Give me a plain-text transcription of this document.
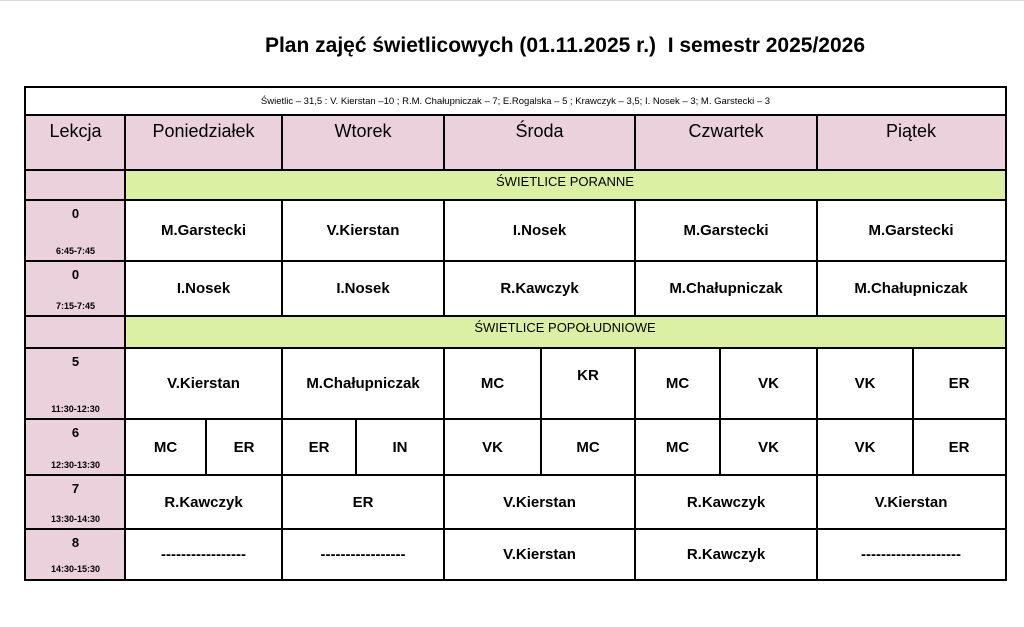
Plan zajęć świetlicowych (01.11.2025 r.)  I semestr 2025/2026
Świetlic – 31,5 : V. Kierstan –10 ; R.M. Chałupniczak – 7; E.Rogalska – 5 ; Krawczyk – 3,5; I. Nosek – 3; M. Garstecki – 3
Lekcja	Poniedziałek	Wtorek	Środa	Czwartek	Piątek
ŚWIETLICE PORANNE
0
6:45-7:45
M.Garstecki	V.Kierstan	I.Nosek	M.Garstecki	M.Garstecki
0
7:15-7:45
I.Nosek	I.Nosek	R.Kawczyk	M.Chałupniczak	M.Chałupniczak
ŚWIETLICE POPOŁUDNIOWE
5
11:30-12:30
V.Kierstan	M.Chałupniczak	MC	KR	MC	VK	VK	ER
6
12:30-13:30
MC	ER	ER	IN	VK	MC	MC	VK	VK	ER
7
13:30-14:30
R.Kawczyk	ER	V.Kierstan	R.Kawczyk	V.Kierstan
8
14:30-15:30
-----------------	-----------------	V.Kierstan	R.Kawczyk	--------------------
